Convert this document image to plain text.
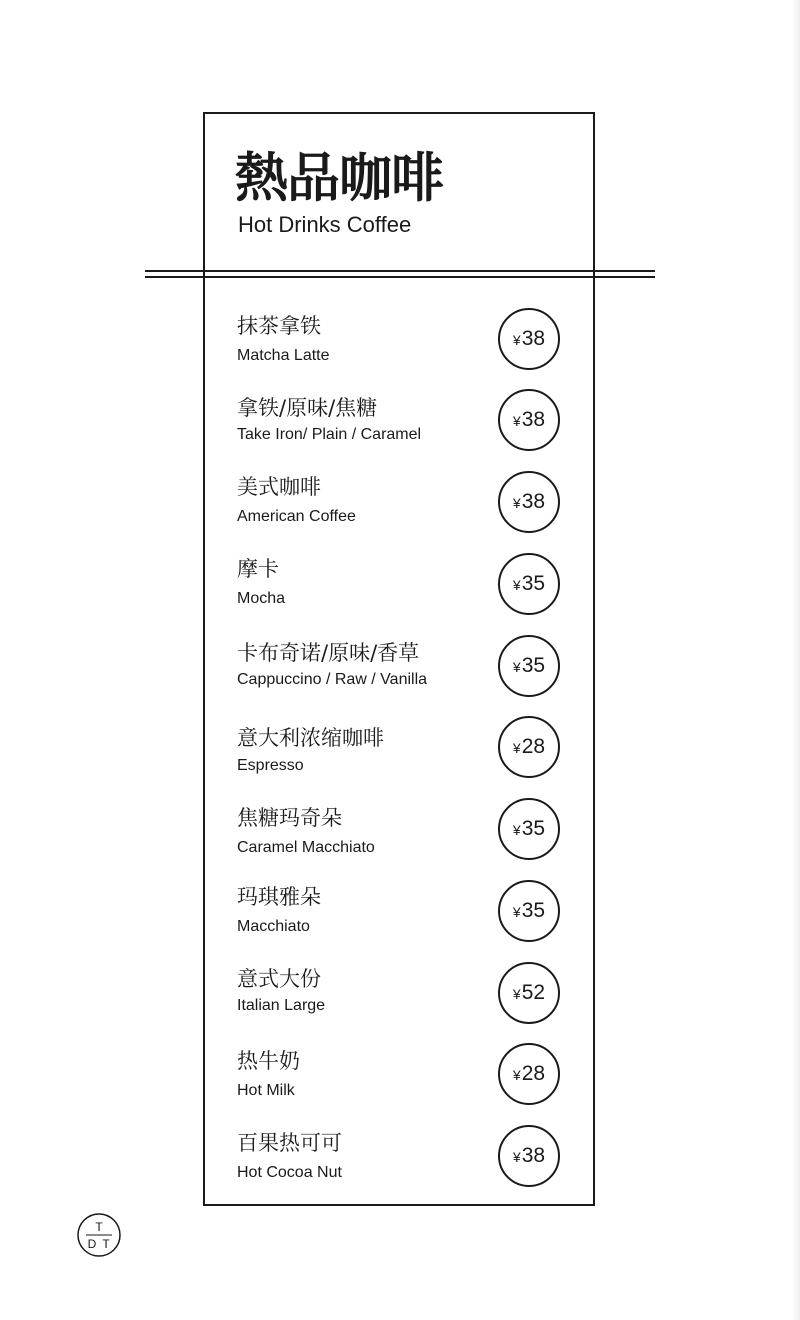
熱品咖啡
Hot Drinks Coffee
抹茶拿铁
Matcha Latte
¥ 38
拿铁/原味/焦糖
Take Iron/ Plain / Caramel
¥ 38
美式咖啡
American Coffee
¥ 38
摩卡
Mocha
¥ 35
卡布奇诺/原味/香草
Cappuccino / Raw / Vanilla
¥ 35
意大利浓缩咖啡
Espresso
¥ 28
焦糖玛奇朵
Caramel Macchiato
¥ 35
玛琪雅朵
Macchiato
¥ 35
意式大份
Italian Large
¥ 52
热牛奶
Hot Milk
¥ 28
百果热可可
Hot Cocoa Nut
¥ 38
T
D T
